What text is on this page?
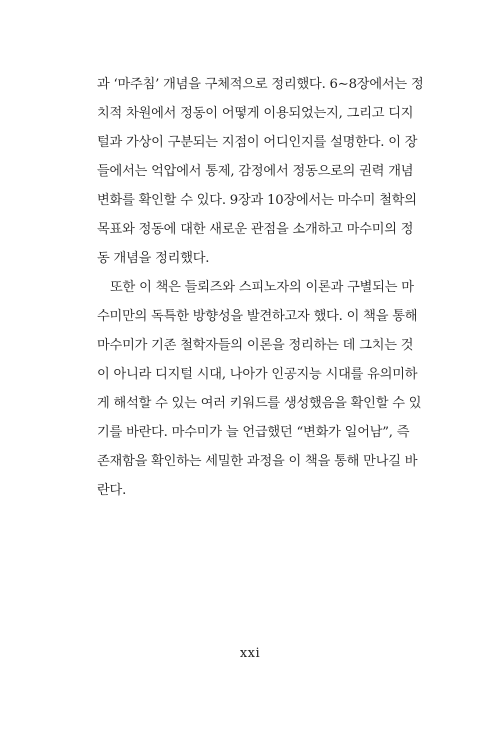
과 ‘마주침’ 개념을 구체적으로 정리했다. 6∼8장에서는 정
치적 차원에서 정동이 어떻게 이용되었는지, 그리고 디지
털과 가상이 구분되는 지점이 어디인지를 설명한다. 이 장
들에서는 억압에서 통제, 감정에서 정동으로의 권력 개념
변화를 확인할 수 있다. 9장과 10장에서는 마수미 철학의
목표와 정동에 대한 새로운 관점을 소개하고 마수미의 정
동 개념을 정리했다.
또한 이 책은 들뢰즈와 스피노자의 이론과 구별되는 마
수미만의 독특한 방향성을 발견하고자 했다. 이 책을 통해
마수미가 기존 철학자들의 이론을 정리하는 데 그치는 것
이 아니라 디지털 시대, 나아가 인공지능 시대를 유의미하
게 해석할 수 있는 여러 키워드를 생성했음을 확인할 수 있
기를 바란다. 마수미가 늘 언급했던 “변화가 일어남”, 즉
존재함을 확인하는 세밀한 과정을 이 책을 통해 만나길 바
란다.
xxi
